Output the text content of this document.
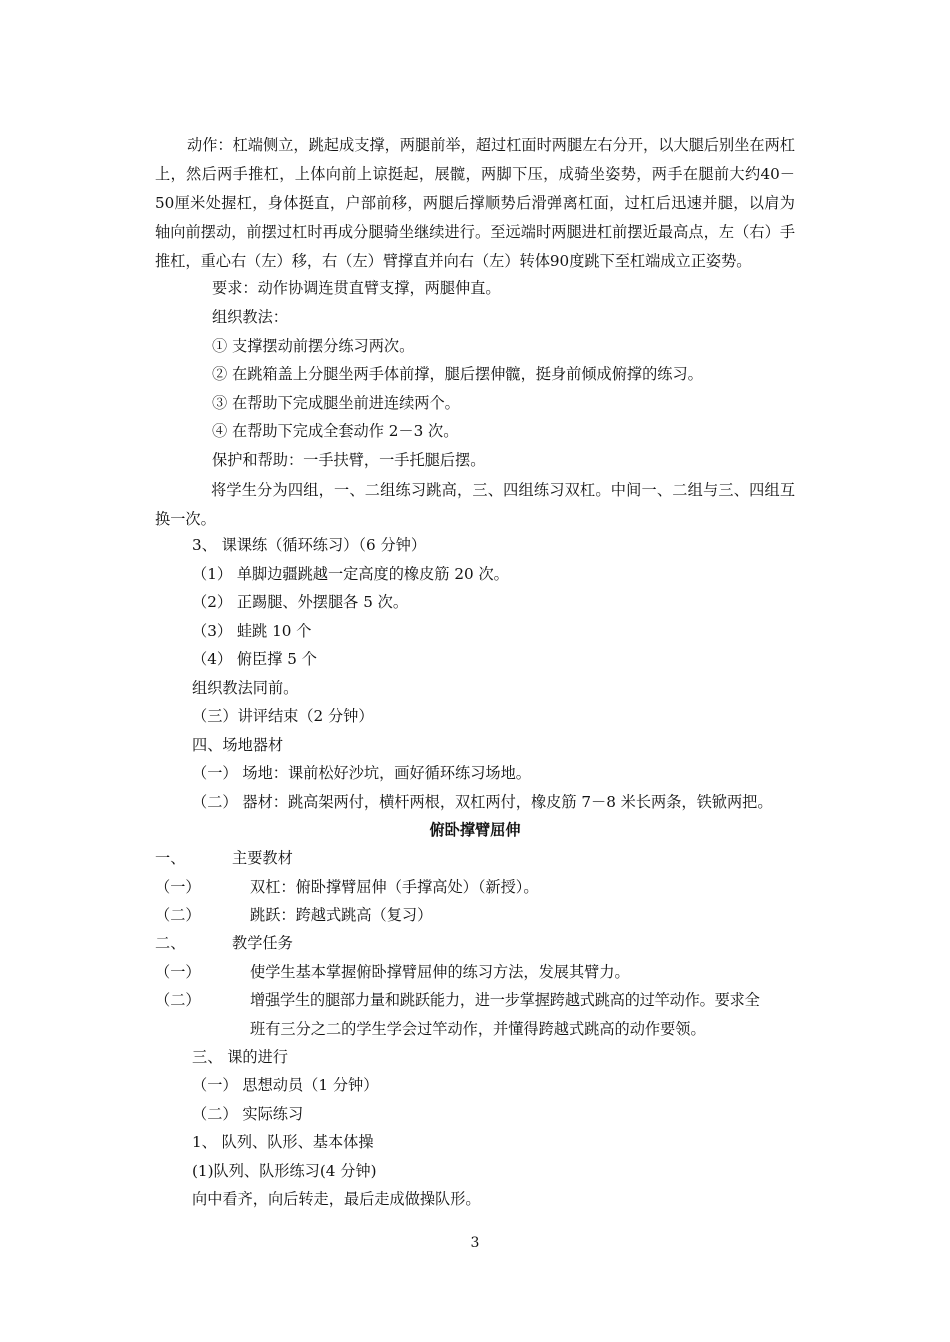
动作：杠端侧立，跳起成支撑，两腿前举，超过杠面时两腿左右分开，以大腿后别坐在两杠上，然后两手推杠，上体向前上谅挺起，展髋，两脚下压，成骑坐姿势，两手在腿前大约40－50厘米处握杠，身体挺直，户部前移，两腿后撑顺势后滑弹离杠面，过杠后迅速并腿，以肩为轴向前摆动，前摆过杠时再成分腿骑坐继续进行。至远端时两腿进杠前摆近最高点，左（右）手推杠，重心右（左）移，右（左）臂撑直并向右（左）转体90度跳下至杠端成立正姿势。
要求：动作协调连贯直臂支撑，两腿伸直。
组织教法：
① 支撑摆动前摆分练习两次。
② 在跳箱盖上分腿坐两手体前撑，腿后摆伸髋，挺身前倾成俯撑的练习。
③ 在帮助下完成腿坐前进连续两个。
④ 在帮助下完成全套动作 2－3 次。
保护和帮助：一手扶臂，一手托腿后摆。
将学生分为四组，一、二组练习跳高，三、四组练习双杠。中间一、二组与三、四组互换一次。
3、 课课练（循环练习）（6 分钟）
（1） 单脚边疆跳越一定高度的橡皮筋 20 次。
（2） 正踢腿、外摆腿各 5 次。
（3） 蛙跳 10 个
（4） 俯臣撑 5 个
组织教法同前。
（三）讲评结束（2 分钟）
四、场地器材
（一） 场地：课前松好沙坑，画好循环练习场地。
（二） 器材：跳高架两付，横杆两根，双杠两付，橡皮筋 7－8 米长两条，铁锨两把。
俯卧撑臂屈伸
一、	主要教材
（一）	双杠：俯卧撑臂屈伸（手撑高处）（新授）。
（二）	跳跃：跨越式跳高（复习）
二、	教学任务
（一）	使学生基本掌握俯卧撑臂屈伸的练习方法，发展其臂力。
（二）	增强学生的腿部力量和跳跃能力，进一步掌握跨越式跳高的过竿动作。要求全
班有三分之二的学生学会过竿动作，并懂得跨越式跳高的动作要领。
三、 课的进行
（一） 思想动员（1 分钟）
（二） 实际练习
1、 队列、队形、基本体操
(1)队列、队形练习(4 分钟)
向中看齐，向后转走，最后走成做操队形。
3
